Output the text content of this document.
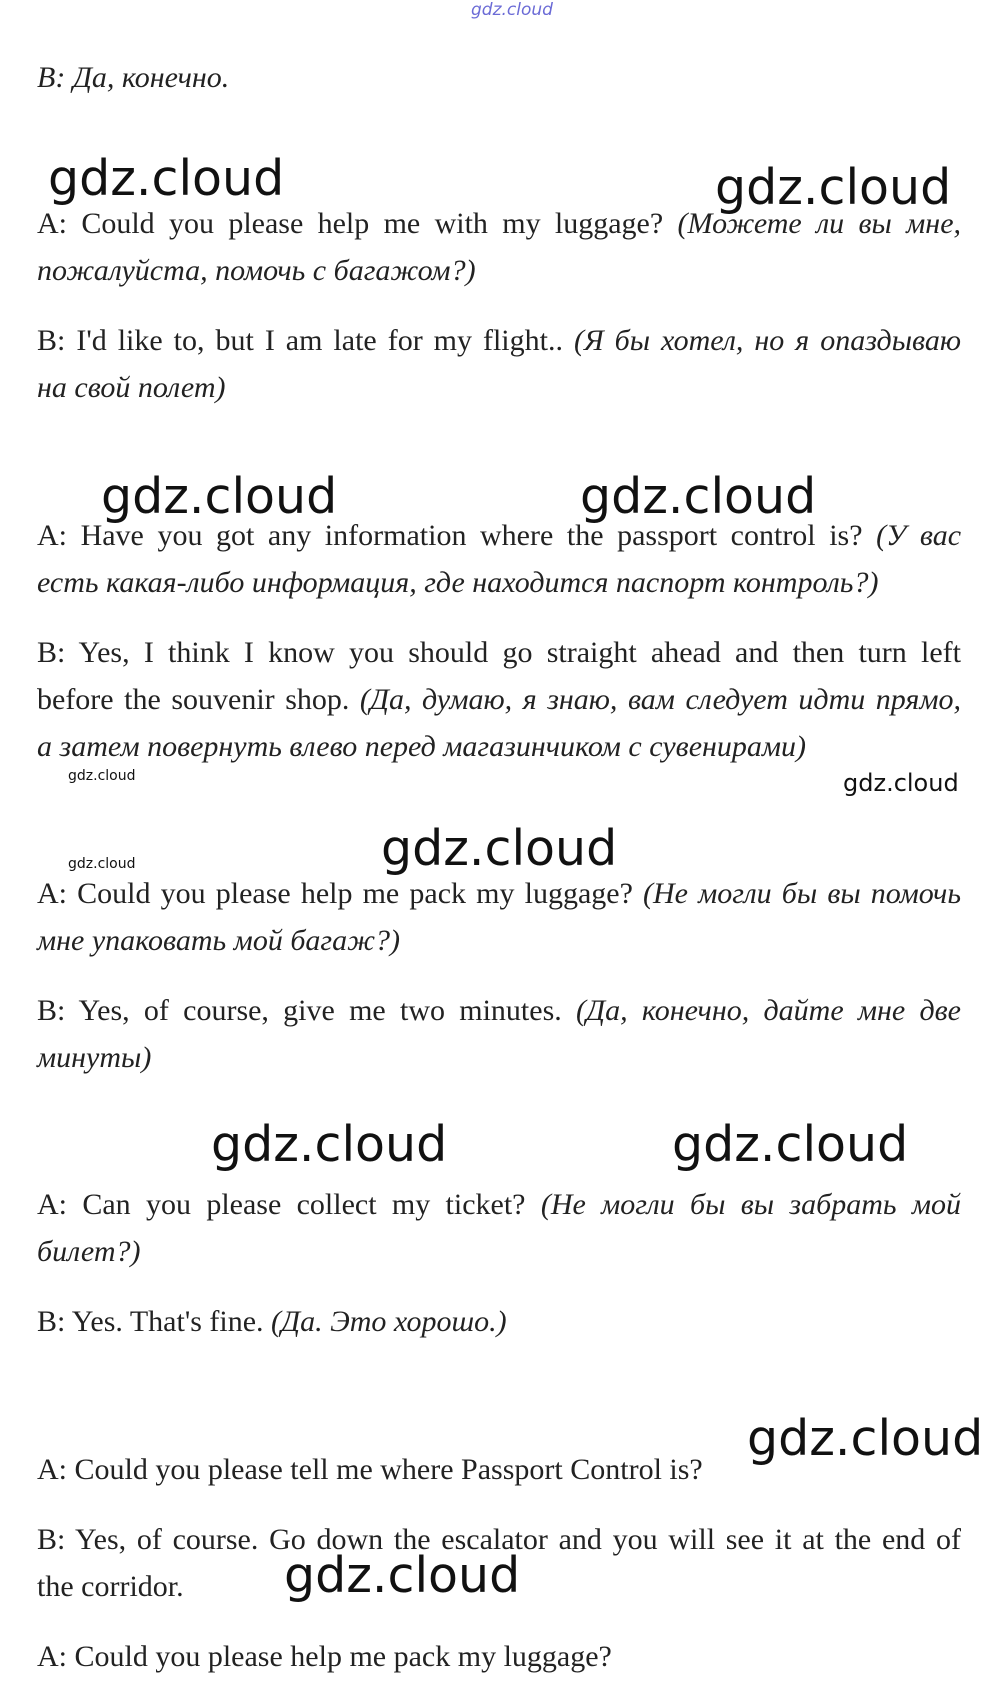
gdz.cloud
B: Да, конечно.
A: Could you please help me with my luggage? (Можете ли вы мне,
пожалуйста, помочь с багажом?)
B: I'd like to, but I am late for my flight.. (Я бы хотел, но я опаздываю
на свой полет)
A: Have you got any information where the passport control is? (У вас
есть какая-либо информация, где находится паспорт контроль?)
B: Yes, I think I know you should go straight ahead and then turn left
before the souvenir shop. (Да, думаю, я знаю, вам следует идти прямо,
а затем повернуть влево перед магазинчиком с сувенирами)
A: Could you please help me pack my luggage? (Не могли бы вы помочь
мне упаковать мой багаж?)
B: Yes, of course, give me two minutes. (Да, конечно, дайте мне две
минуты)
A: Can you please collect my ticket? (Не могли бы вы забрать мой
билет?)
B: Yes. That's fine. (Да. Это хорошо.)
A: Could you please tell me where Passport Control is?
B: Yes, of course. Go down the escalator and you will see it at the end of
the corridor.
A: Could you please help me pack my luggage?
gdz.cloud	gdz.cloud
gdz.cloud	gdz.cloud
gdz.cloud	gdz.cloud
gdz.cloud	gdz.cloud
gdz.cloud	gdz.cloud
gdz.cloud
gdz.cloud
